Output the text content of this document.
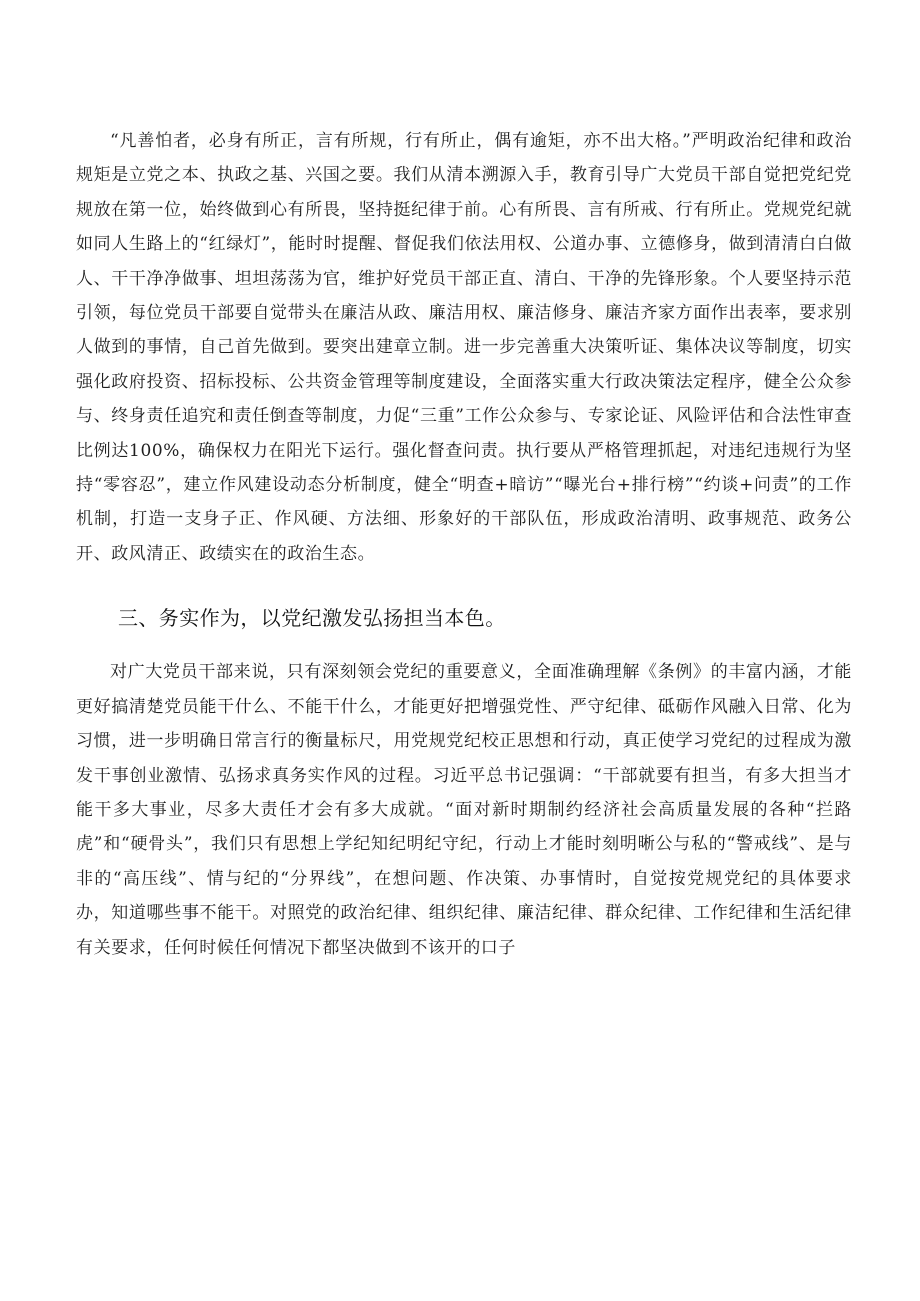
“凡善怕者，必身有所正，言有所规，行有所止，偶有逾矩，亦不出大格。”严明政治纪律和政治规矩是立党之本、执政之基、兴国之要。我们从清本溯源入手，教育引导广大党员干部自觉把党纪党规放在第一位，始终做到心有所畏，坚持挺纪律于前。心有所畏、言有所戒、行有所止。党规党纪就如同人生路上的“红绿灯”，能时时提醒、督促我们依法用权、公道办事、立德修身，做到清清白白做人、干干净净做事、坦坦荡荡为官，维护好党员干部正直、清白、干净的先锋形象。个人要坚持示范引领，每位党员干部要自觉带头在廉洁从政、廉洁用权、廉洁修身、廉洁齐家方面作出表率，要求别人做到的事情，自己首先做到。要突出建章立制。进一步完善重大决策听证、集体决议等制度，切实强化政府投资、招标投标、公共资金管理等制度建设，全面落实重大行政决策法定程序，健全公众参与、终身责任追究和责任倒查等制度，力促“三重”工作公众参与、专家论证、风险评估和合法性审查比例达100%，确保权力在阳光下运行。强化督查问责。执行要从严格管理抓起，对违纪违规行为坚持“零容忍”，建立作风建设动态分析制度，健全“明查+暗访”“曝光台+排行榜”“约谈+问责”的工作机制，打造一支身子正、作风硬、方法细、形象好的干部队伍，形成政治清明、政事规范、政务公开、政风清正、政绩实在的政治生态。

三、务实作为，以党纪激发弘扬担当本色。

对广大党员干部来说，只有深刻领会党纪的重要意义，全面准确理解《条例》的丰富内涵，才能更好搞清楚党员能干什么、不能干什么，才能更好把增强党性、严守纪律、砥砺作风融入日常、化为习惯，进一步明确日常言行的衡量标尺，用党规党纪校正思想和行动，真正使学习党纪的过程成为激发干事创业激情、弘扬求真务实作风的过程。习近平总书记强调：“干部就要有担当，有多大担当才能干多大事业，尽多大责任才会有多大成就。“面对新时期制约经济社会高质量发展的各种“拦路虎”和“硬骨头”，我们只有思想上学纪知纪明纪守纪，行动上才能时刻明晰公与私的“警戒线”、是与非的“高压线”、情与纪的“分界线”，在想问题、作决策、办事情时，自觉按党规党纪的具体要求办，知道哪些事不能干。对照党的政治纪律、组织纪律、廉洁纪律、群众纪律、工作纪律和生活纪律有关要求，任何时候任何情况下都坚决做到不该开的口子
